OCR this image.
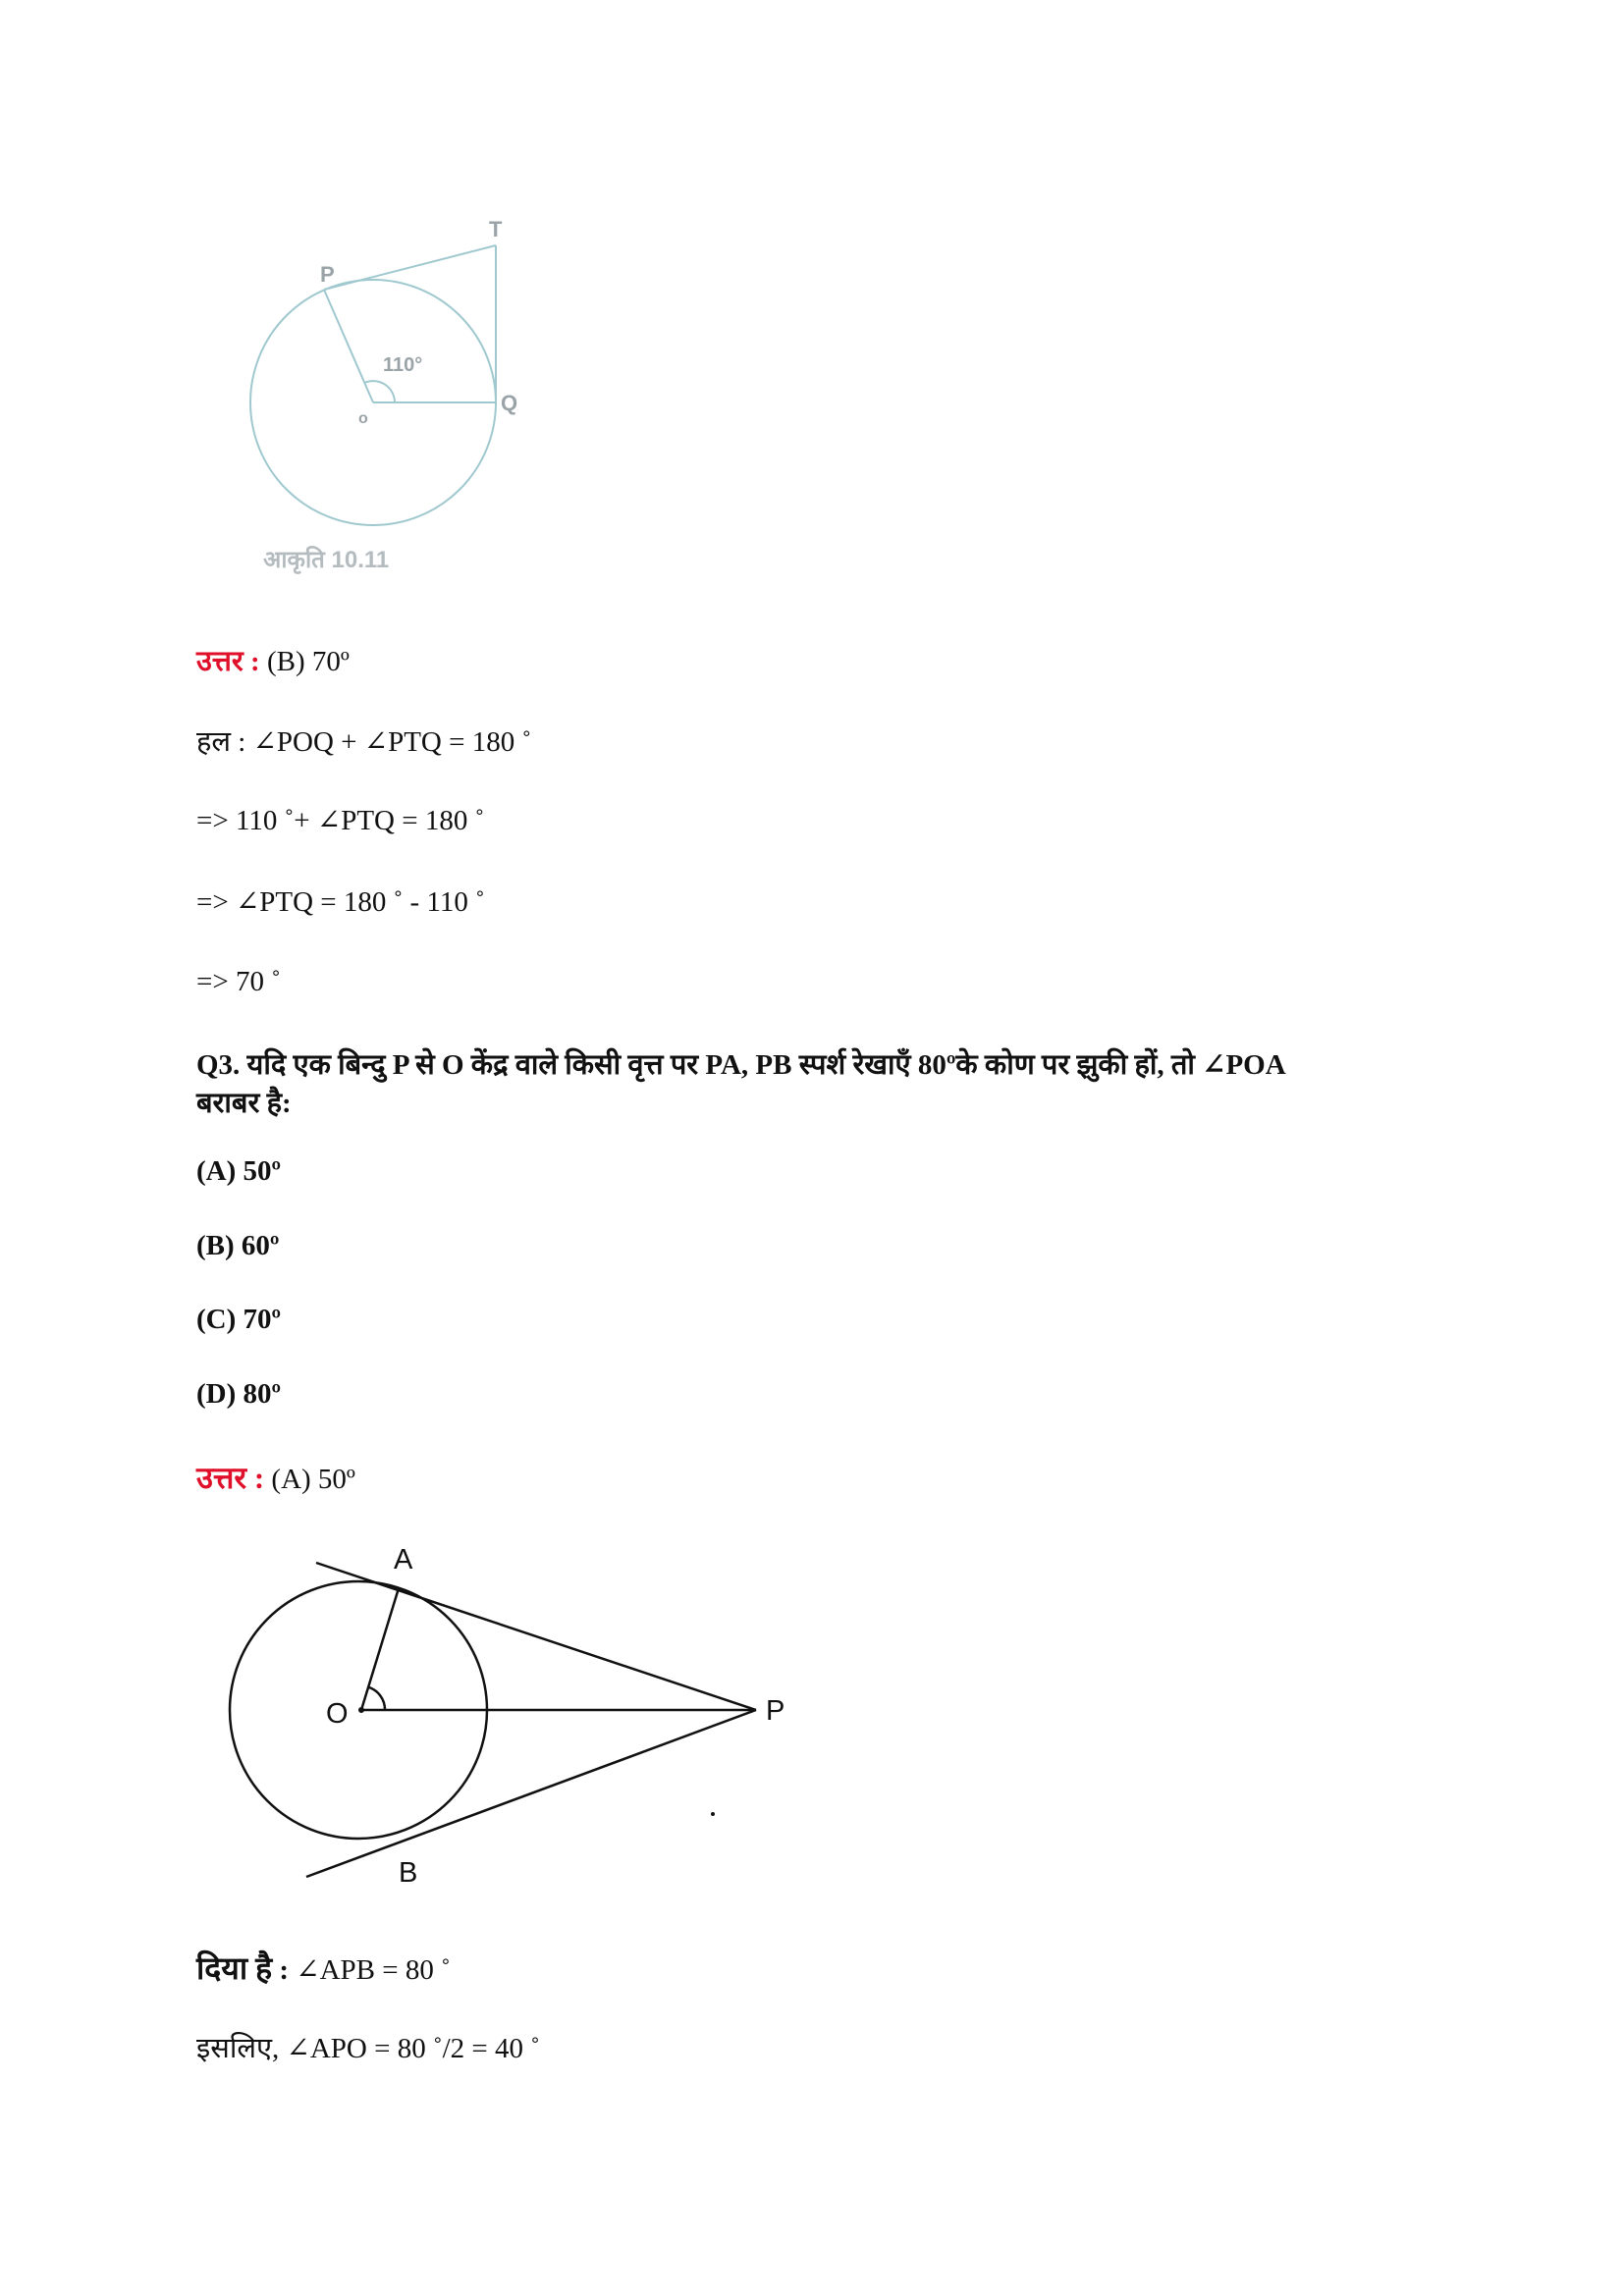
T
P
o
Q
110°
आकृति 10.11
उत्तर : (B) 70º
हल : ∠POQ + ∠PTQ = 180 ˚
=> 110 ˚+ ∠PTQ = 180 ˚
=> ∠PTQ = 180 ˚ - 110 ˚
=> 70 ˚
Q3. यदि एक बिन्दु P से O केंद्र वाले किसी वृत्त पर PA, PB स्पर्श रेखाएँ 80ºके कोण पर झुकी हों, तो ∠POA
बराबर है:
(A) 50º
(B) 60º
(C) 70º
(D) 80º
उत्तर : (A) 50º
A
O	P
B
दिया है : ∠APB = 80 ˚
इसलिए, ∠APO = 80 ˚/2 = 40 ˚
